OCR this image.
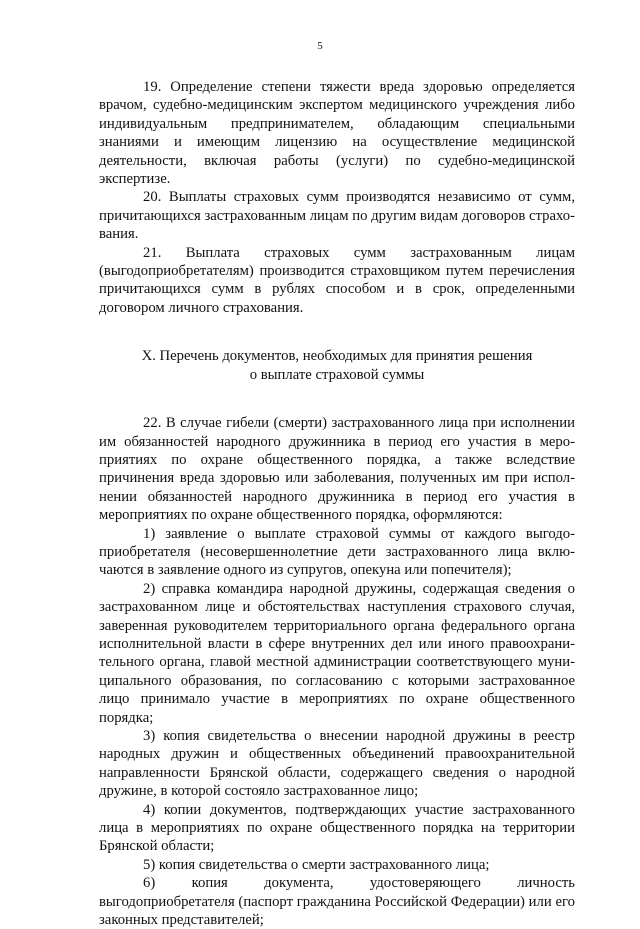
5

19. Определение степени тяжести вреда здоровью определяется врачом, судебно-медицинским экспертом медицинского учреждения либо индивидуальным предпринимателем, обладающим специальными знаниями и имеющим лицензию на осуществление медицинской деятельности, включая работы (услуги) по судебно-медицинской экспертизе.

20. Выплаты страховых сумм производятся независимо от сумм, причитающихся застрахованным лицам по другим видам договоров страхования.

21. Выплата страховых сумм застрахованным лицам (выгодоприобретателям) производится страховщиком путем перечисления причитающихся сумм в рублях способом и в срок, определенными договором личного страхования.

X. Перечень документов, необходимых для принятия решения
о выплате страховой суммы

22. В случае гибели (смерти) застрахованного лица при исполнении им обязанностей народного дружинника в период его участия в мероприятиях по охране общественного порядка, а также вследствие причинения вреда здоровью или заболевания, полученных им при исполнении обязанностей народного дружинника в период его участия в мероприятиях по охране общественного порядка, оформляются:

1) заявление о выплате страховой суммы от каждого выгодоприобретателя (несовершеннолетние дети застрахованного лица включаются в заявление одного из супругов, опекуна или попечителя);

2) справка командира народной дружины, содержащая сведения о застрахованном лице и обстоятельствах наступления страхового случая, заверенная руководителем территориального органа федерального органа исполнительной власти в сфере внутренних дел или иного правоохранительного органа, главой местной администрации соответствующего муниципального образования, по согласованию с которыми застрахованное лицо принимало участие в мероприятиях по охране общественного порядка;

3) копия свидетельства о внесении народной дружины в реестр народных дружин и общественных объединений правоохранительной направленности Брянской области, содержащего сведения о народной дружине, в которой состояло застрахованное лицо;

4) копии документов, подтверждающих участие застрахованного лица в мероприятиях по охране общественного порядка на территории Брянской области;

5) копия свидетельства о смерти застрахованного лица;

6) копия документа, удостоверяющего личность выгодоприобретателя (паспорт гражданина Российской Федерации) или его законных представителей;
